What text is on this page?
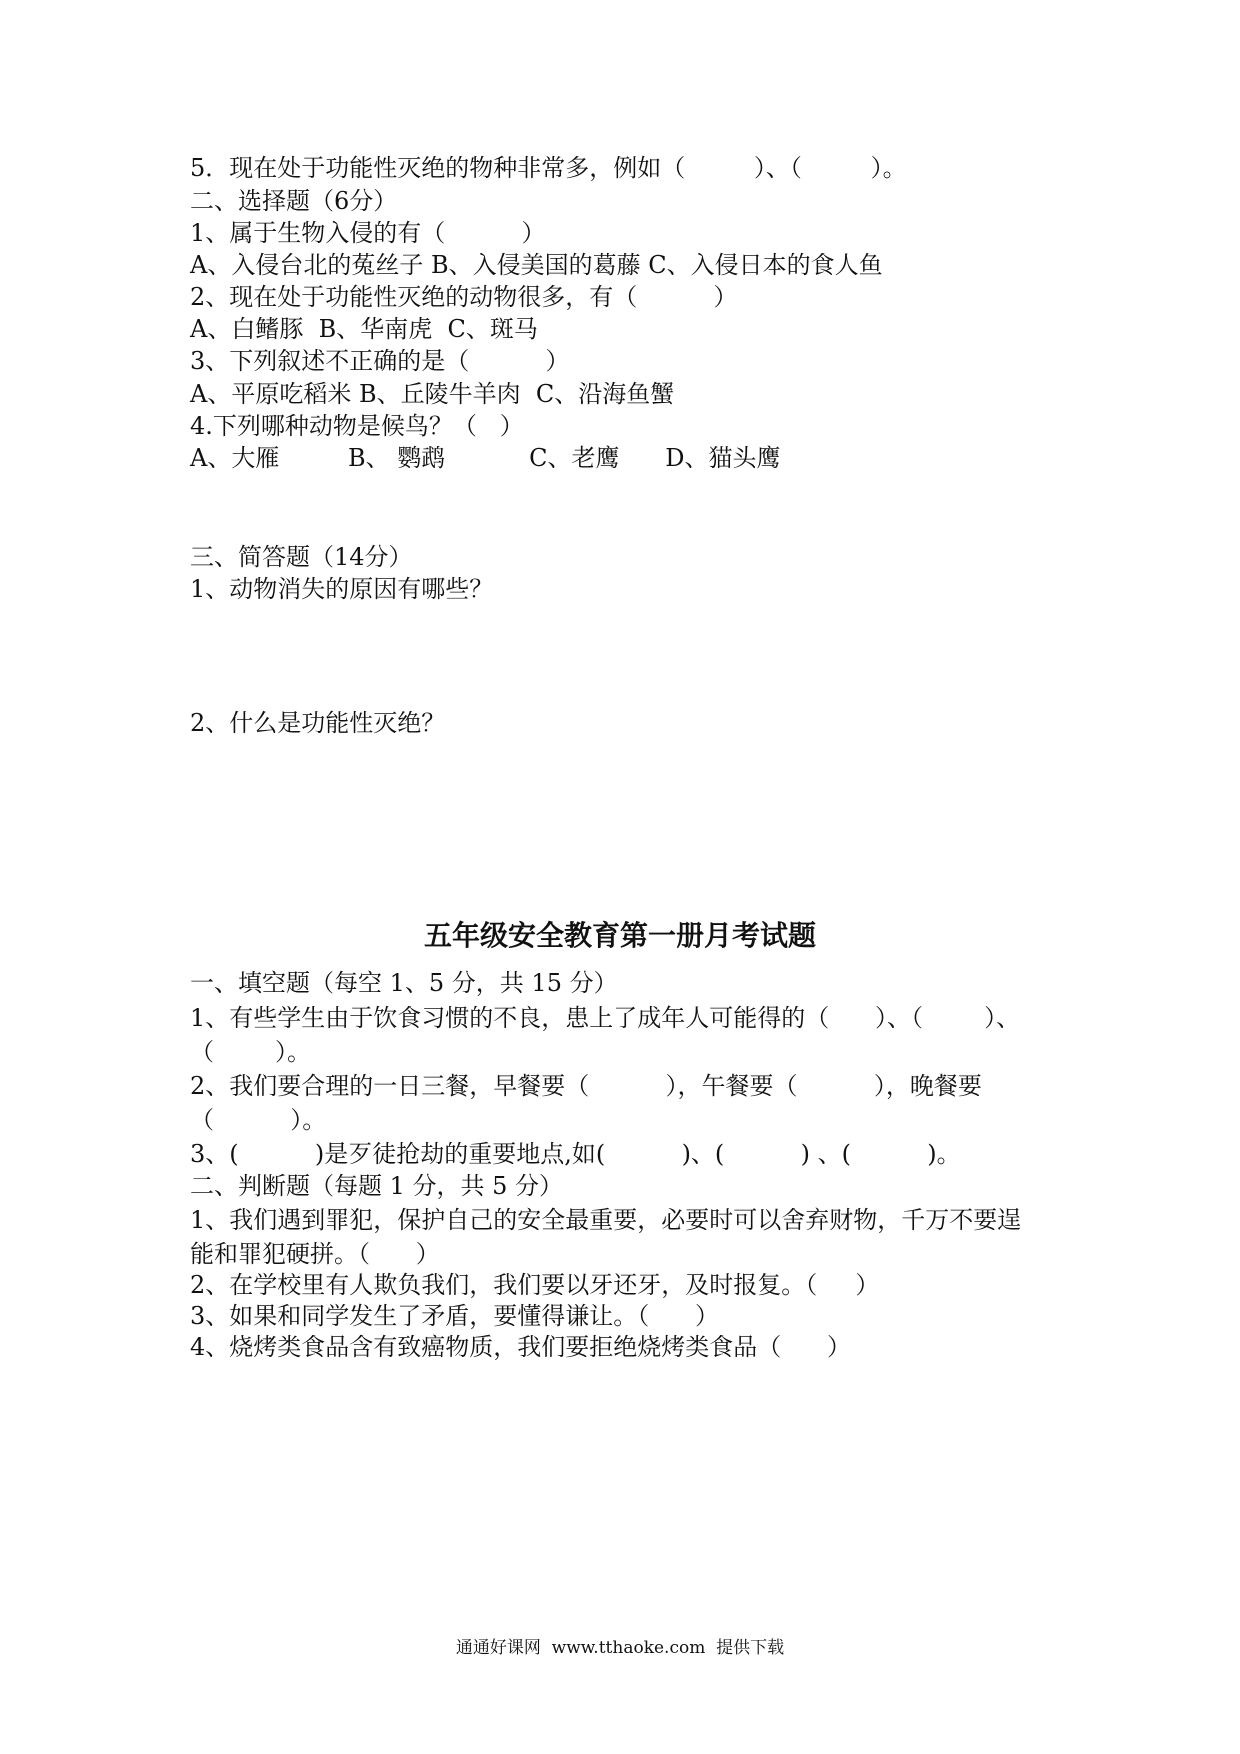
5．现在处于功能性灭绝的物种非常多，例如（         ）、（         ）。
二、选择题（6分）
1、属于生物入侵的有（          ）
A、入侵台北的菟丝子 B、入侵美国的葛藤 C、入侵日本的食人鱼
2、现在处于功能性灭绝的动物很多，有（          ）
A、白鳍豚  B、华南虎  C、斑马
3、下列叙述不正确的是（          ）
A、平原吃稻米 B、丘陵牛羊肉  C、沿海鱼蟹
4.下列哪种动物是候鸟？（   ）
A、大雁         B、 鹦鹉           C、老鹰      D、猫头鹰
三、简答题（14分）
1、动物消失的原因有哪些？
2、什么是功能性灭绝？
五年级安全教育第一册月考试题
一、填空题（每空 1、5 分，共 15 分）
1、有些学生由于饮食习惯的不良，患上了成年人可能得的（      ）、（        ）、
（        ）。
2、我们要合理的一日三餐，早餐要（          ），午餐要（          ），晚餐要
（          ）。
3、(          )是歹徒抢劫的重要地点,如(          )、(          ) 、(          )。
二、判断题（每题 1 分，共 5 分）
1、我们遇到罪犯，保护自己的安全最重要，必要时可以舍弃财物，千万不要逞
能和罪犯硬拼。（      ）
2、在学校里有人欺负我们，我们要以牙还牙，及时报复。（     ）
3、如果和同学发生了矛盾，要懂得谦让。（      ）
4、烧烤类食品含有致癌物质，我们要拒绝烧烤类食品（      ）
通通好课网  www.tthaoke.com  提供下载
